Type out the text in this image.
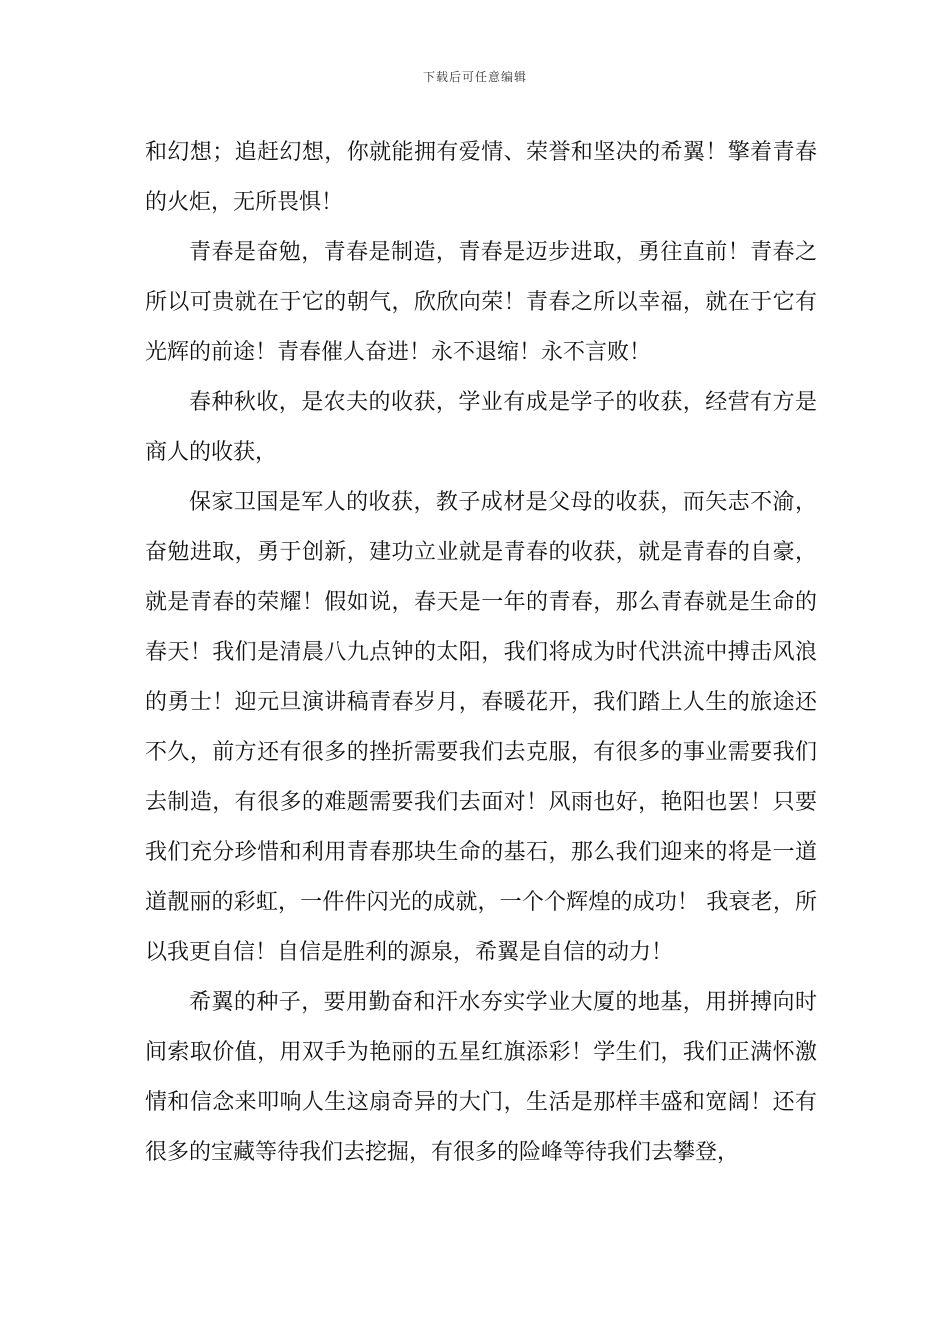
下载后可任意编辑

和幻想；追赶幻想，你就能拥有爱情、荣誉和坚决的希翼！擎着青春的火炬，无所畏惧！

青春是奋勉，青春是制造，青春是迈步进取，勇往直前！青春之所以可贵就在于它的朝气，欣欣向荣！青春之所以幸福，就在于它有光辉的前途！青春催人奋进！永不退缩！永不言败！

春种秋收，是农夫的收获，学业有成是学子的收获，经营有方是商人的收获，

保家卫国是军人的收获，教子成材是父母的收获，而矢志不渝，奋勉进取，勇于创新，建功立业就是青春的收获，就是青春的自豪，就是青春的荣耀！假如说，春天是一年的青春，那么青春就是生命的春天！我们是清晨八九点钟的太阳，我们将成为时代洪流中搏击风浪的勇士！迎元旦演讲稿青春岁月，春暖花开，我们踏上人生的旅途还不久，前方还有很多的挫折需要我们去克服，有很多的事业需要我们去制造，有很多的难题需要我们去面对！风雨也好，艳阳也罢！只要我们充分珍惜和利用青春那块生命的基石，那么我们迎来的将是一道道靓丽的彩虹，一件件闪光的成就，一个个辉煌的成功！ 我衰老，所以我更自信！自信是胜利的源泉，希翼是自信的动力！

希翼的种子，要用勤奋和汗水夯实学业大厦的地基，用拼搏向时间索取价值，用双手为艳丽的五星红旗添彩！学生们，我们正满怀激情和信念来叩响人生这扇奇异的大门，生活是那样丰盛和宽阔！还有很多的宝藏等待我们去挖掘，有很多的险峰等待我们去攀登，
